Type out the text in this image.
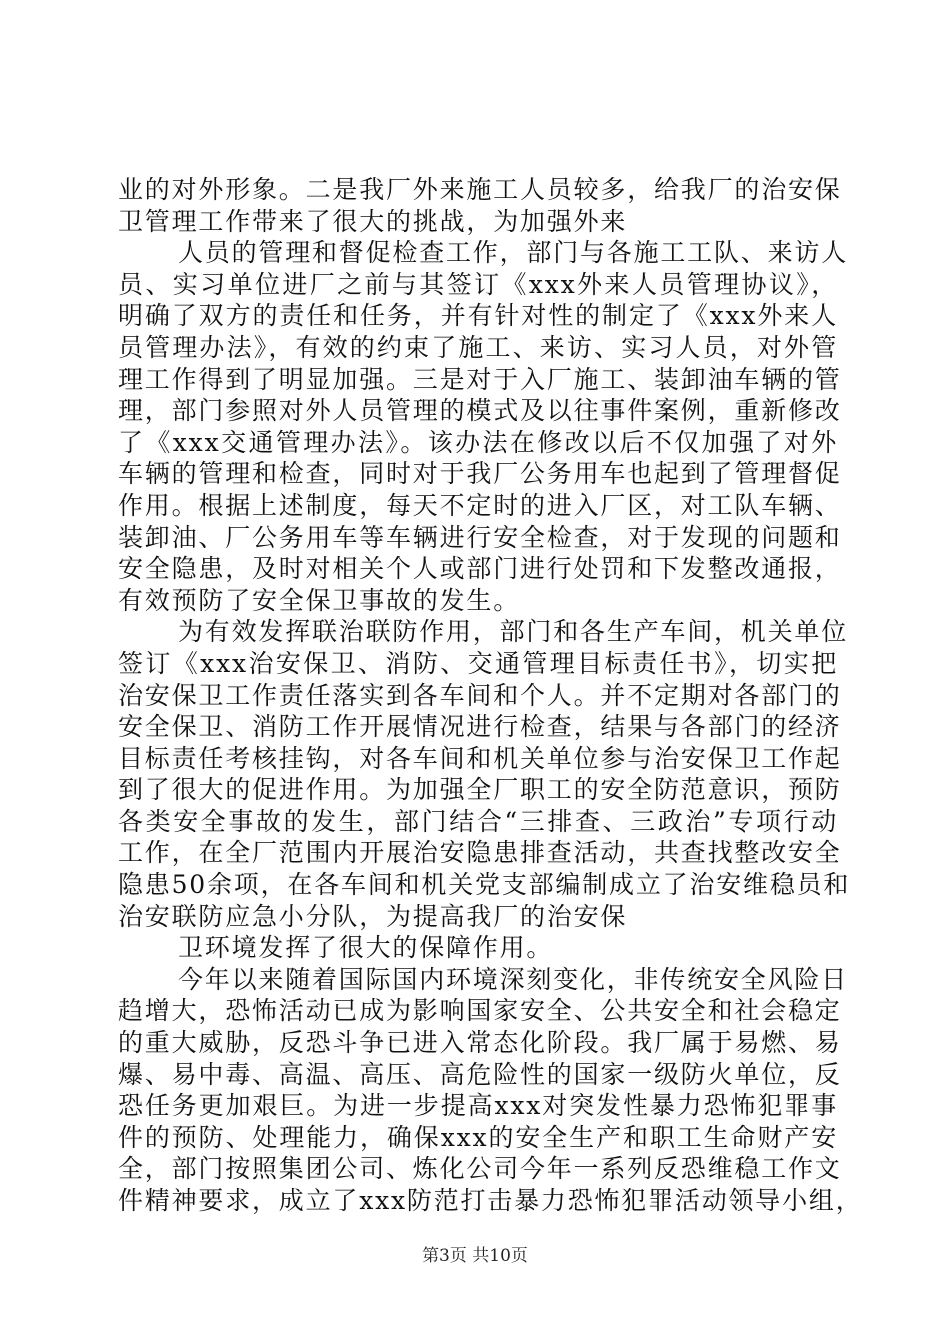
业的对外形象。二是我厂外来施工人员较多，给我厂的治安保
卫管理工作带来了很大的挑战，为加强外来
人员的管理和督促检查工作，部门与各施工工队、来访人
员、实习单位进厂之前与其签订《xxx外来人员管理协议》，
明确了双方的责任和任务，并有针对性的制定了《xxx外来人
员管理办法》，有效的约束了施工、来访、实习人员，对外管
理工作得到了明显加强。三是对于入厂施工、装卸油车辆的管
理，部门参照对外人员管理的模式及以往事件案例，重新修改
了《xxx交通管理办法》。该办法在修改以后不仅加强了对外
车辆的管理和检查，同时对于我厂公务用车也起到了管理督促
作用。根据上述制度，每天不定时的进入厂区，对工队车辆、
装卸油、厂公务用车等车辆进行安全检查，对于发现的问题和
安全隐患，及时对相关个人或部门进行处罚和下发整改通报，
有效预防了安全保卫事故的发生。
为有效发挥联治联防作用，部门和各生产车间，机关单位
签订《xxx治安保卫、消防、交通管理目标责任书》，切实把
治安保卫工作责任落实到各车间和个人。并不定期对各部门的
安全保卫、消防工作开展情况进行检查，结果与各部门的经济
目标责任考核挂钩，对各车间和机关单位参与治安保卫工作起
到了很大的促进作用。为加强全厂职工的安全防范意识，预防
各类安全事故的发生，部门结合“三排查、三政治”专项行动
工作，在全厂范围内开展治安隐患排查活动，共查找整改安全
隐患50余项，在各车间和机关党支部编制成立了治安维稳员和
治安联防应急小分队，为提高我厂的治安保
卫环境发挥了很大的保障作用。
今年以来随着国际国内环境深刻变化，非传统安全风险日
趋增大，恐怖活动已成为影响国家安全、公共安全和社会稳定
的重大威胁，反恐斗争已进入常态化阶段。我厂属于易燃、易
爆、易中毒、高温、高压、高危险性的国家一级防火单位，反
恐任务更加艰巨。为进一步提高xxx对突发性暴力恐怖犯罪事
件的预防、处理能力，确保xxx的安全生产和职工生命财产安
全，部门按照集团公司、炼化公司今年一系列反恐维稳工作文
件精神要求，成立了xxx防范打击暴力恐怖犯罪活动领导小组，
第3页 共10页
